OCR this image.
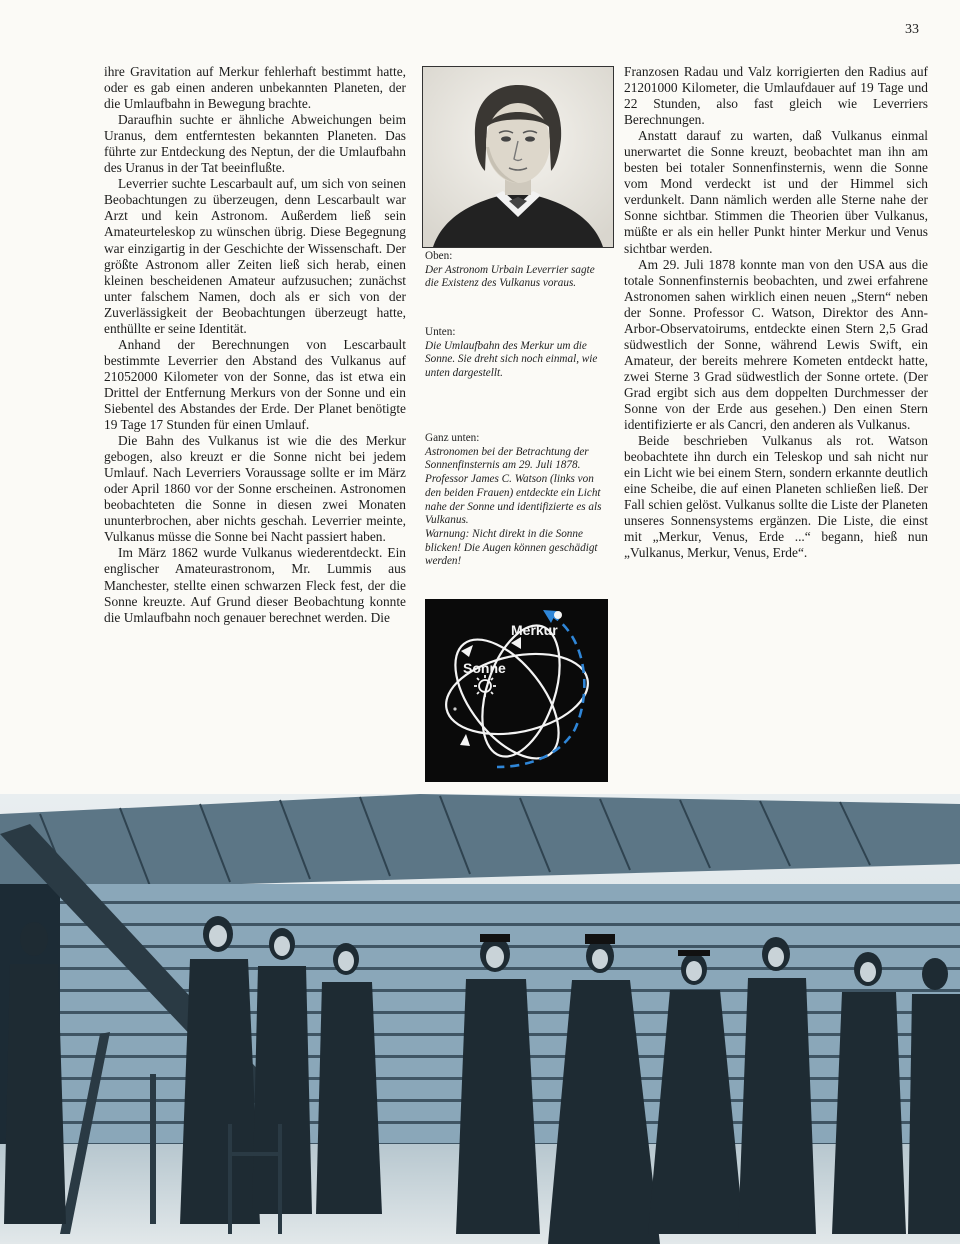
33

ihre Gravitation auf Merkur fehlerhaft bestimmt hatte, oder es gab einen anderen unbekannten Planeten, der die Umlaufbahn in Bewegung brachte.

Daraufhin suchte er ähnliche Abweichungen beim Uranus, dem entferntesten bekannten Planeten. Das führte zur Entdeckung des Neptun, der die Umlaufbahn des Uranus in der Tat beeinflußte.

Leverrier suchte Lescarbault auf, um sich von seinen Beobachtungen zu überzeugen, denn Lescarbault war Arzt und kein Astronom. Außerdem ließ sein Amateurteleskop zu wünschen übrig. Diese Begegnung war einzigartig in der Geschichte der Wissenschaft. Der größte Astronom aller Zeiten ließ sich herab, einen kleinen bescheidenen Amateur aufzusuchen; zunächst unter falschem Namen, doch als er sich von der Zuverlässigkeit der Beobachtungen überzeugt hatte, enthüllte er seine Identität.

Anhand der Berechnungen von Lescarbault bestimmte Leverrier den Abstand des Vulkanus auf 21052000 Kilometer von der Sonne, das ist etwa ein Drittel der Entfernung Merkurs von der Sonne und ein Siebentel des Abstandes der Erde. Der Planet benötigte 19 Tage 17 Stunden für einen Umlauf.

Die Bahn des Vulkanus ist wie die des Merkur gebogen, also kreuzt er die Sonne nicht bei jedem Umlauf. Nach Leverriers Voraussage sollte er im März oder April 1860 vor der Sonne erscheinen. Astronomen beobachteten die Sonne in diesen zwei Monaten ununterbrochen, aber nichts geschah. Leverrier meinte, Vulkanus müsse die Sonne bei Nacht passiert haben.

Im März 1862 wurde Vulkanus wiederentdeckt. Ein englischer Amateurastronom, Mr. Lummis aus Manchester, stellte einen schwarzen Fleck fest, der die Sonne kreuzte. Auf Grund dieser Beobachtung konnte die Umlaufbahn noch genauer berechnet werden. Die

Oben:
Der Astronom Urbain Leverrier sagte die Existenz des Vulkanus voraus.
Unten:
Die Umlaufbahn des Merkur um die Sonne. Sie dreht sich noch einmal, wie unten dargestellt.
Ganz unten:
Astronomen bei der Betrachtung der Sonnenfinsternis am 29. Juli 1878. Professor James C. Watson (links von den beiden Frauen) entdeckte ein Licht nahe der Sonne und identifizierte es als Vulkanus.
Warnung: Nicht direkt in die Sonne blicken! Die Augen können geschädigt werden!
Merkur
Sonne

Franzosen Radau und Valz korrigierten den Radius auf 21201000 Kilometer, die Umlaufdauer auf 19 Tage und 22 Stunden, also fast gleich wie Leverriers Berechnungen.

Anstatt darauf zu warten, daß Vulkanus einmal unerwartet die Sonne kreuzt, beobachtet man ihn am besten bei totaler Sonnenfinsternis, wenn die Sonne vom Mond verdeckt ist und der Himmel sich verdunkelt. Dann nämlich werden alle Sterne nahe der Sonne sichtbar. Stimmen die Theorien über Vulkanus, müßte er als ein heller Punkt hinter Merkur und Venus sichtbar werden.

Am 29. Juli 1878 konnte man von den USA aus die totale Sonnenfinsternis beobachten, und zwei erfahrene Astronomen sahen wirklich einen neuen „Stern“ neben der Sonne. Professor C. Watson, Direktor des Ann-Arbor-Observatoirums, entdeckte einen Stern 2,5 Grad südwestlich der Sonne, während Lewis Swift, ein Amateur, der bereits mehrere Kometen entdeckt hatte, zwei Sterne 3 Grad südwestlich der Sonne ortete. (Der Grad ergibt sich aus dem doppelten Durchmesser der Sonne von der Erde aus gesehen.) Den einen Stern identifizierte er als Cancri, den anderen als Vulkanus.

Beide beschrieben Vulkanus als rot. Watson beobachtete ihn durch ein Teleskop und sah nicht nur ein Licht wie bei einem Stern, sondern erkannte deutlich eine Scheibe, die auf einen Planeten schließen ließ. Der Fall schien gelöst. Vulkanus sollte die Liste der Planeten unseres Sonnensystems ergänzen. Die Liste, die einst mit „Merkur, Venus, Erde ...“ begann, hieß nun „Vulkanus, Merkur, Venus, Erde“.
